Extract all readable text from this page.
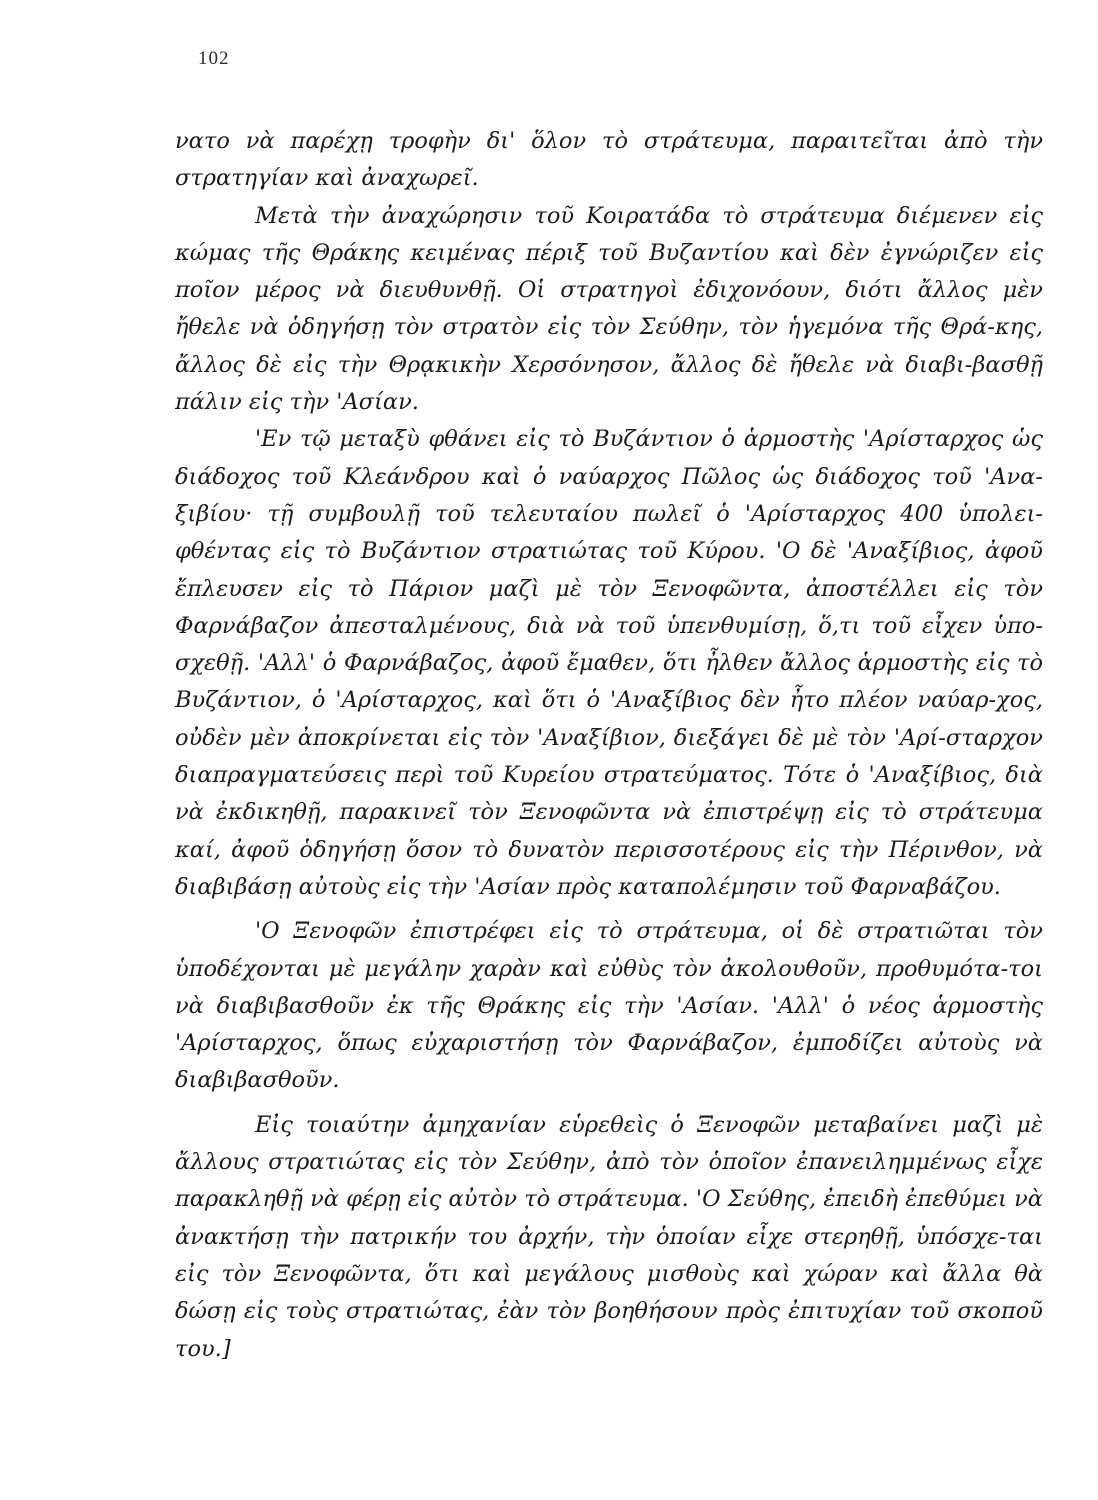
102

νατο νὰ παρέχῃ τροφὴν δι' ὅλον τὸ στράτευμα, παραιτεῖται ἀπὸ τὴν στρατηγίαν καὶ ἀναχωρεῖ.

Μετὰ τὴν ἀναχώρησιν τοῦ Κοιρατάδα τὸ στράτευμα διέμενεν εἰς κώμας τῆς Θράκης κειμένας πέριξ τοῦ Βυζαντίου καὶ δὲν ἐγνώριζεν εἰς ποῖον μέρος νὰ διευθυνθῇ. Οἱ στρατηγοὶ ἐδιχονόουν, διότι ἄλλος μὲν ἤθελε νὰ ὁδηγήσῃ τὸν στρατὸν εἰς τὸν Σεύθην, τὸν ἡγεμόνα τῆς Θρά-κης, ἄλλος δὲ εἰς τὴν Θρᾳκικὴν Χερσόνησον, ἄλλος δὲ ἤθελε νὰ διαβι-βασθῇ πάλιν εἰς τὴν 'Ασίαν.

'Εν τῷ μεταξὺ φθάνει εἰς τὸ Βυζάντιον ὁ ἁρμοστὴς 'Αρίσταρχος ὡς διάδοχος τοῦ Κλεάνδρου καὶ ὁ ναύαρχος Πῶλος ὡς διάδοχος τοῦ 'Ανα-ξιβίου· τῇ συμβουλῇ τοῦ τελευταίου πωλεῖ ὁ 'Αρίσταρχος 400 ὑπολει-φθέντας εἰς τὸ Βυζάντιον στρατιώτας τοῦ Κύρου. 'Ο δὲ 'Αναξίβιος, ἀφοῦ ἔπλευσεν εἰς τὸ Πάριον μαζὶ μὲ τὸν Ξενοφῶντα, ἀποστέλλει εἰς τὸν Φαρνάβαζον ἀπεσταλμένους, διὰ νὰ τοῦ ὑπενθυμίσῃ, ὅ,τι τοῦ εἶχεν ὑπο-σχεθῇ. 'Αλλ' ὁ Φαρνάβαζος, ἀφοῦ ἔμαθεν, ὅτι ἦλθεν ἄλλος ἁρμοστὴς εἰς τὸ Βυζάντιον, ὁ 'Αρίσταρχος, καὶ ὅτι ὁ 'Αναξίβιος δὲν ἦτο πλέον ναύαρ-χος, οὐδὲν μὲν ἀποκρίνεται εἰς τὸν 'Αναξίβιον, διεξάγει δὲ μὲ τὸν 'Αρί-σταρχον διαπραγματεύσεις περὶ τοῦ Κυρείου στρατεύματος. Τότε ὁ 'Αναξίβιος, διὰ νὰ ἐκδικηθῇ, παρακινεῖ τὸν Ξενοφῶντα νὰ ἐπιστρέψῃ εἰς τὸ στράτευμα καί, ἀφοῦ ὁδηγήσῃ ὅσον τὸ δυνατὸν περισσοτέρους εἰς τὴν Πέρινθον, νὰ διαβιβάσῃ αὐτοὺς εἰς τὴν 'Ασίαν πρὸς καταπολέμησιν τοῦ Φαρναβάζου.

'Ο Ξενοφῶν ἐπιστρέφει εἰς τὸ στράτευμα, οἱ δὲ στρατιῶται τὸν ὑποδέχονται μὲ μεγάλην χαρὰν καὶ εὐθὺς τὸν ἀκολουθοῦν, προθυμότα-τοι νὰ διαβιβασθοῦν ἐκ τῆς Θράκης εἰς τὴν 'Ασίαν. 'Αλλ' ὁ νέος ἁρμοστὴς 'Αρίσταρχος, ὅπως εὐχαριστήσῃ τὸν Φαρνάβαζον, ἐμποδίζει αὐτοὺς νὰ διαβιβασθοῦν.

Εἰς τοιαύτην ἀμηχανίαν εὑρεθεὶς ὁ Ξενοφῶν μεταβαίνει μαζὶ μὲ ἄλλους στρατιώτας εἰς τὸν Σεύθην, ἀπὸ τὸν ὁποῖον ἐπανειλημμένως εἶχε παρακληθῇ νὰ φέρῃ εἰς αὐτὸν τὸ στράτευμα. 'Ο Σεύθης, ἐπειδὴ ἐπεθύμει νὰ ἀνακτήσῃ τὴν πατρικήν του ἀρχήν, τὴν ὁποίαν εἶχε στερηθῇ, ὑπόσχε-ται εἰς τὸν Ξενοφῶντα, ὅτι καὶ μεγάλους μισθοὺς καὶ χώραν καὶ ἄλλα θὰ δώσῃ εἰς τοὺς στρατιώτας, ἐὰν τὸν βοηθήσουν πρὸς ἐπιτυχίαν τοῦ σκοποῦ του.]
